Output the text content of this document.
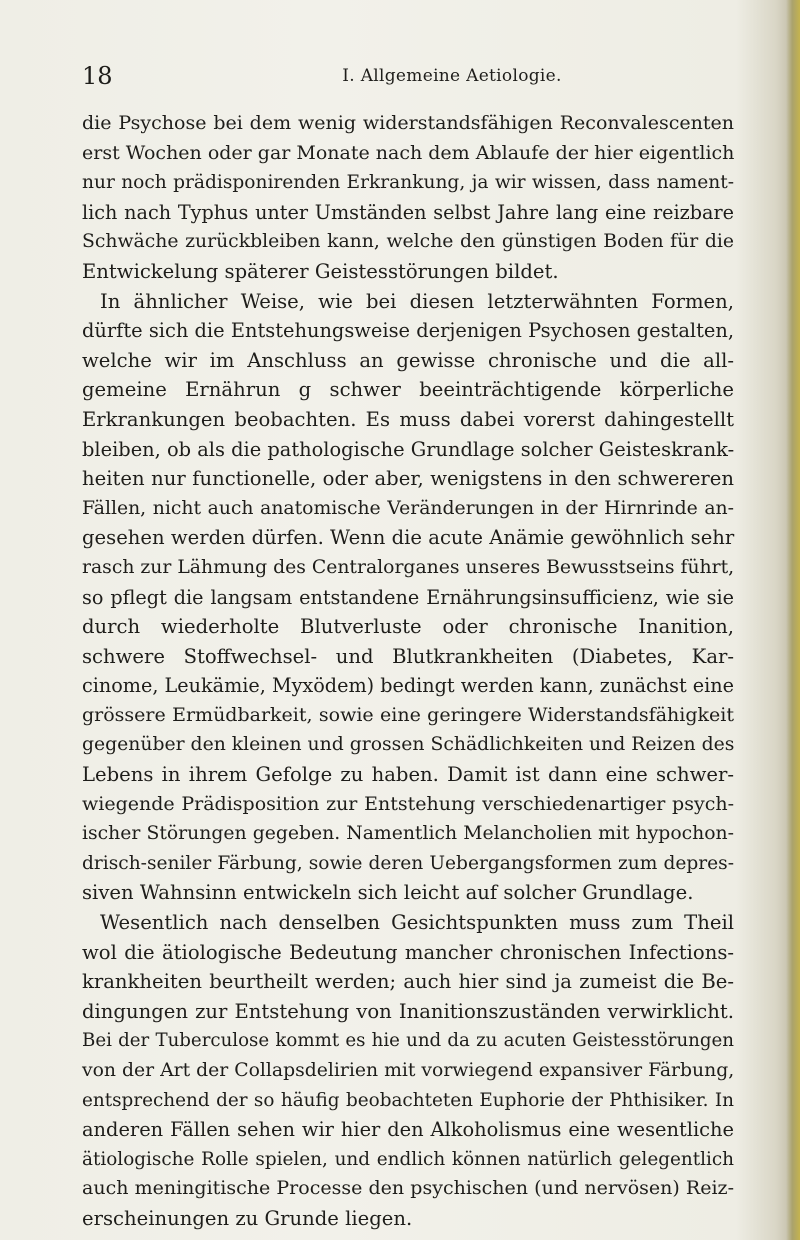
18	I. Allgemeine Aetiologie.
die Psychose bei dem wenig widerstandsfähigen Reconvalescenten
erst Wochen oder gar Monate nach dem Ablaufe der hier eigentlich
nur noch prädisponirenden Erkrankung, ja wir wissen, dass nament-
lich nach Typhus unter Umständen selbst Jahre lang eine reizbare
Schwäche zurückbleiben kann, welche den günstigen Boden für die
Entwickelung späterer Geistesstörungen bildet.
In ähnlicher Weise, wie bei diesen letzterwähnten Formen,
dürfte sich die Entstehungsweise derjenigen Psychosen gestalten,
welche wir im Anschluss an gewisse chronische und die all-
gemeine Ernährun g schwer beeinträchtigende körperliche
Erkrankungen beobachten. Es muss dabei vorerst dahingestellt
bleiben, ob als die pathologische Grundlage solcher Geisteskrank-
heiten nur functionelle, oder aber, wenigstens in den schwereren
Fällen, nicht auch anatomische Veränderungen in der Hirnrinde an-
gesehen werden dürfen. Wenn die acute Anämie gewöhnlich sehr
rasch zur Lähmung des Centralorganes unseres Bewusstseins führt,
so pflegt die langsam entstandene Ernährungsinsufficienz, wie sie
durch wiederholte Blutverluste oder chronische Inanition,
schwere Stoffwechsel- und Blutkrankheiten (Diabetes, Kar-
cinome, Leukämie, Myxödem) bedingt werden kann, zunächst eine
grössere Ermüdbarkeit, sowie eine geringere Widerstandsfähigkeit
gegenüber den kleinen und grossen Schädlichkeiten und Reizen des
Lebens in ihrem Gefolge zu haben. Damit ist dann eine schwer-
wiegende Prädisposition zur Entstehung verschiedenartiger psych-
ischer Störungen gegeben. Namentlich Melancholien mit hypochon-
drisch-seniler Färbung, sowie deren Uebergangsformen zum depres-
siven Wahnsinn entwickeln sich leicht auf solcher Grundlage.
Wesentlich nach denselben Gesichtspunkten muss zum Theil
wol die ätiologische Bedeutung mancher chronischen Infections-
krankheiten beurtheilt werden; auch hier sind ja zumeist die Be-
dingungen zur Entstehung von Inanitionszuständen verwirklicht.
Bei der Tuberculose kommt es hie und da zu acuten Geistesstörungen
von der Art der Collapsdelirien mit vorwiegend expansiver Färbung,
entsprechend der so häufig beobachteten Euphorie der Phthisiker. In
anderen Fällen sehen wir hier den Alkoholismus eine wesentliche
ätiologische Rolle spielen, und endlich können natürlich gelegentlich
auch meningitische Processe den psychischen (und nervösen) Reiz-
erscheinungen zu Grunde liegen.
